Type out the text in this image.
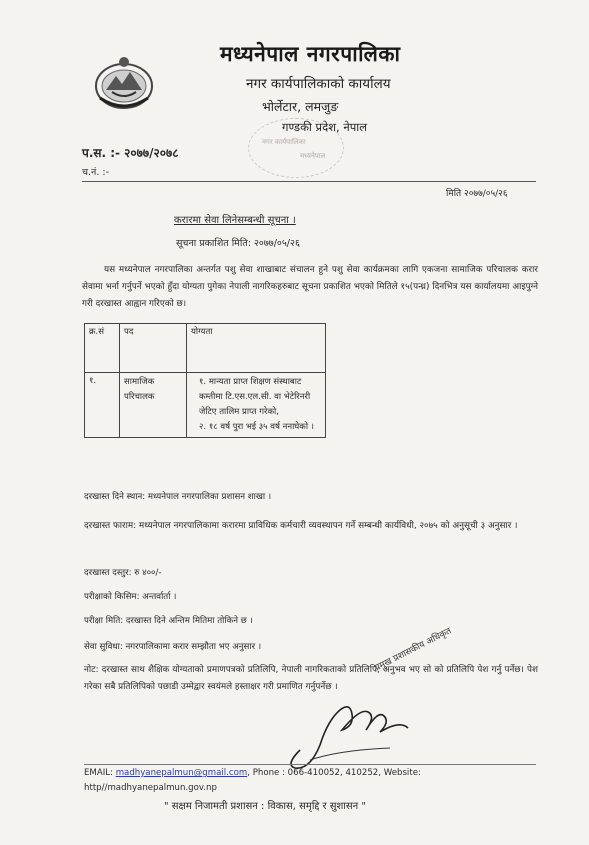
नगर कार्यपालिका
मध्यनेपाल
मध्यनेपाल नगरपालिका
नगर कार्यपालिकाको कार्यालय
भोर्लेटार, लमजुङ
गण्डकी प्रदेश, नेपाल
प.स. :- २०७७/२०७८
च.नं. :-
मिति २०७७/०५/२६
करारमा सेवा लिनेसम्बन्धी सूचना ।
सूचना प्रकाशित मिति: २०७७/०५/२६
यस मध्यनेपाल नगरपालिका अन्तर्गत पशु सेवा शाखाबाट संचालन हुने पशु सेवा कार्यक्रमका लागि एकजना सामाजिक परिचालक करार सेवामा भर्ना गर्नुपर्ने भएको हुँदा योग्यता पुगेका नेपाली नागरिकहरुबाट सूचना प्रकाशित भएको मितिले १५(पन्ध्र) दिनभित्र यस कार्यालयमा आइपुग्ने गरी दरखास्त आह्वान गरिएको छ।
क्र.सं	पद	योग्यता
१.	सामाजिक परिचालक	१. मान्यता प्राप्त शिक्षण संस्थाबाट कम्तीमा टि.एस.एल.सी. वा भेटेरिनरी जेटिए तालिम प्राप्त गरेको,
२. १८ वर्ष पुरा भई ३५ वर्ष ननाघेको ।
दरखास्त दिने स्थान: मध्यनेपाल नगरपालिका प्रशासन शाखा ।
दरखास्त फाराम: मध्यनेपाल नगरपालिकामा करारमा प्राविधिक कर्मचारी व्यवस्थापन गर्ने सम्बन्धी कार्यविधी, २०७५ को अनुसूची ३ अनुसार ।
दरखास्त दस्तुर: रु ४००/-
परीक्षाको किसिम: अन्तर्वार्ता ।
परीक्षा मिति: दरखास्त दिने अन्तिम मितिमा तोकिने छ ।
सेवा सुविधा: नगरपालिकामा करार सम्झौता भए अनुसार ।
नोट: दरखास्त साथ शैक्षिक योग्यताको प्रमाणपत्रको प्रतिलिपि, नेपाली नागरिकताको प्रतिलिपि, अनुभव भए सो को प्रतिलिपि पेश गर्नु पर्नेछ। पेश गरेका सबै प्रतिलिपिको पछाडी उम्मेद्वार स्वयंमले हस्ताक्षर गरी प्रमाणित गर्नुपर्नेछ ।
प्रमुख प्रशासकीय अधिकृत
EMAIL: madhyanepalmun@gmail.com, Phone : 066-410052, 410252, Website:
http//madhyanepalmun.gov.np
" सक्षम निजामती प्रशासन : विकास, समृद्दि र सुशासन "
